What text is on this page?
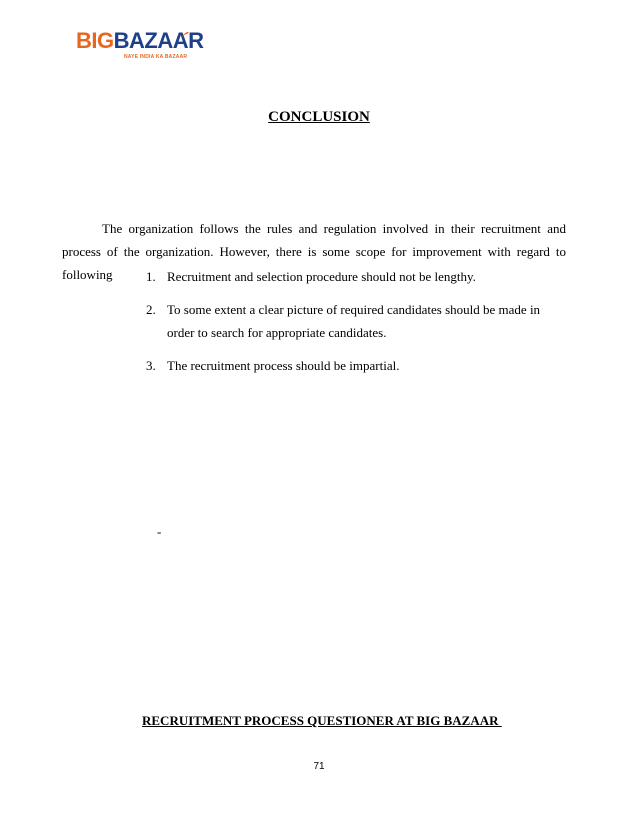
BIGBAZAAR
NAYE INDIA KA BAZAAR
CONCLUSION

The organization follows the rules and regulation involved in their recruitment and process of the organization. However, there is some scope for improvement with regard to following	1. Recruitment and selection procedure should not be lengthy.
2. To some extent a clear picture of required candidates should be made in order to search for appropriate candidates.
3. The recruitment process should be impartial.
-
RECRUITMENT PROCESS QUESTIONER AT BIG BAZAAR
71
